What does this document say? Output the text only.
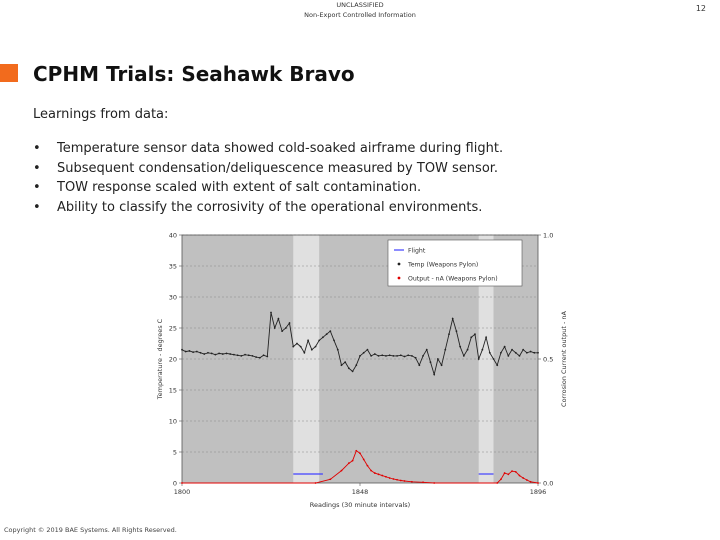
UNCLASSIFIED
Non-Export Controlled Information
12
CPHM Trials: Seahawk Bravo
Learnings from data:
• Temperature sensor data showed cold-soaked airframe during flight.
• Subsequent condensation/deliquescence measured by TOW sensor.
• TOW response scaled with extent of salt contamination.
• Ability to classify the corrosivity of the operational environments.
0
5
10
15
20
25
30
35
40
0.0
0.5
1.0
1800	1848	1896
Readings (30 minute intervals)
Temperature - degrees C	Corrosion Current output - nA
Flight
Temp (Weapons Pylon)
Output - nA (Weapons Pylon)
Copyright © 2019 BAE Systems. All Rights Reserved.
